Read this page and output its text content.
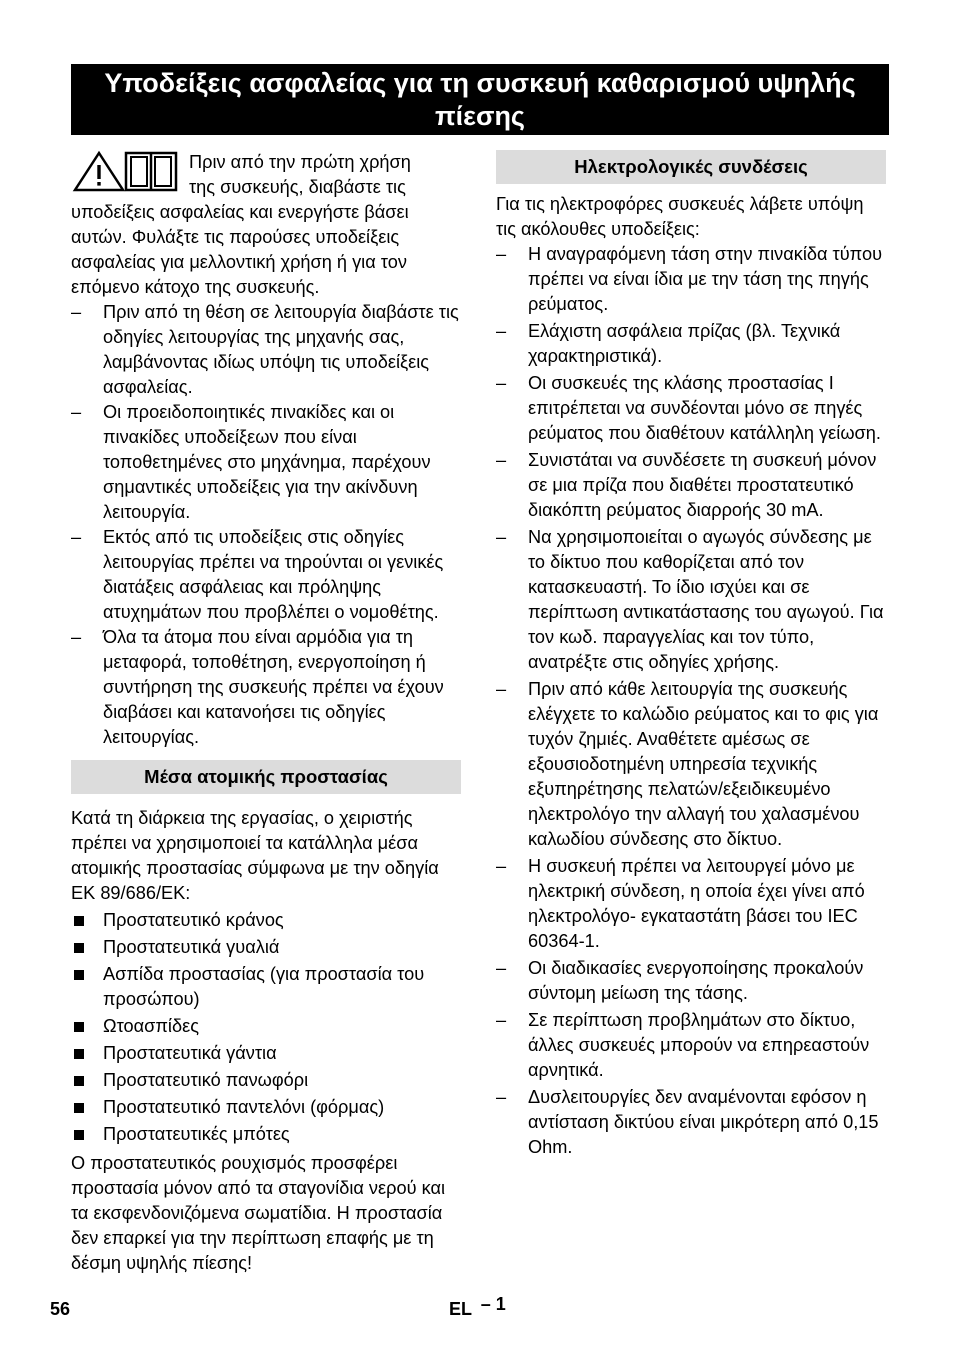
Υποδείξεις ασφαλείας για τη συσκευή καθαρισμού υψηλής
πίεσης

Πριν από την πρώτη χρήση
της συσκευής, διαβάστε τις

υποδείξεις ασφαλείας και ενεργήστε βάσει αυτών. Φυλάξτε τις παρούσες υποδείξεις ασφαλείας για μελλοντική χρήση ή για τον επόμενο κάτοχο της συσκευής.

– Πριν από τη θέση σε λειτουργία διαβάστε τις οδηγίες λειτουργίας της μηχανής σας, λαμβάνοντας ιδίως υπόψη τις υποδείξεις ασφαλείας.
– Οι προειδοποιητικές πινακίδες και οι πινακίδες υποδείξεων που είναι τοποθετημένες στο μηχάνημα, παρέχουν σημαντικές υποδείξεις για την ακίνδυνη λειτουργία.
– Εκτός από τις υποδείξεις στις οδηγίες λειτουργίας πρέπει να τηρούνται οι γενικές διατάξεις ασφάλειας και πρόληψης ατυχημάτων που προβλέπει ο νομοθέτης.
– Όλα τα άτομα που είναι αρμόδια για τη μεταφορά, τοποθέτηση, ενεργοποίηση ή συντήρηση της συσκευής πρέπει να έχουν διαβάσει και κατανοήσει τις οδηγίες λειτουργίας.
Μέσα ατομικής προστασίας

Κατά τη διάρκεια της εργασίας, ο χειριστής πρέπει να χρησιμοποιεί τα κατάλληλα μέσα ατομικής προστασίας σύμφωνα με την οδηγία ΕΚ 89/686/ΕΚ:

Προστατευτικό κράνος
Προστατευτικά γυαλιά
Ασπίδα προστασίας (για προστασία του προσώπου)
Ωτοασπίδες
Προστατευτικά γάντια
Προστατευτικό πανωφόρι
Προστατευτικό παντελόνι (φόρμας)
Προστατευτικές μπότες

Ο προστατευτικός ρουχισμός προσφέρει προστασία μόνον από τα σταγονίδια νερού και τα εκσφενδονιζόμενα σωματίδια. Η προστασία δεν επαρκεί για την περίπτωση επαφής με τη δέσμη υψηλής πίεσης!

Ηλεκτρολογικές συνδέσεις

Για τις ηλεκτροφόρες συσκευές λάβετε υπόψη τις ακόλουθες υποδείξεις:

– Η αναγραφόμενη τάση στην πινακίδα τύπου πρέπει να είναι ίδια με την τάση της πηγής ρεύματος.
– Ελάχιστη ασφάλεια πρίζας (βλ. Τεχνικά χαρακτηριστικά).
– Οι συσκευές της κλάσης προστασίας I επιτρέπεται να συνδέονται μόνο σε πηγές ρεύματος που διαθέτουν κατάλληλη γείωση.
– Συνιστάται να συνδέσετε τη συσκευή μόνον σε μια πρίζα που διαθέτει προστατευτικό διακόπτη ρεύματος διαρροής 30 mA.
– Να χρησιμοποιείται ο αγωγός σύνδεσης με το δίκτυο που καθορίζεται από τον κατασκευαστή. Το ίδιο ισχύει και σε περίπτωση αντικατάστασης του αγωγού. Για τον κωδ. παραγγελίας και τον τύπο, ανατρέξτε στις οδηγίες χρήσης.
– Πριν από κάθε λειτουργία της συσκευής ελέγχετε το καλώδιο ρεύματος και το φις για τυχόν ζημιές. Αναθέτετε αμέσως σε εξουσιοδοτημένη υπηρεσία τεχνικής εξυπηρέτησης πελατών/εξειδικευμένο ηλεκτρολόγο την αλλαγή του χαλασμένου καλωδίου σύνδεσης στο δίκτυο.
– Η συσκευή πρέπει να λειτουργεί μόνο με ηλεκτρική σύνδεση, η οποία έχει γίνει από ηλεκτρολόγο- εγκαταστάτη βάσει του IEC 60364-1.
– Οι διαδικασίες ενεργοποίησης προκαλούν σύντομη μείωση της τάσης.
– Σε περίπτωση προβλημάτων στο δίκτυο, άλλες συσκευές μπορούν να επηρεαστούν αρνητικά.
– Δυσλειτουργίες δεν αναμένονται εφόσον η αντίσταση δικτύου είναι μικρότερη από 0,15 Ohm.
56	EL – 1
